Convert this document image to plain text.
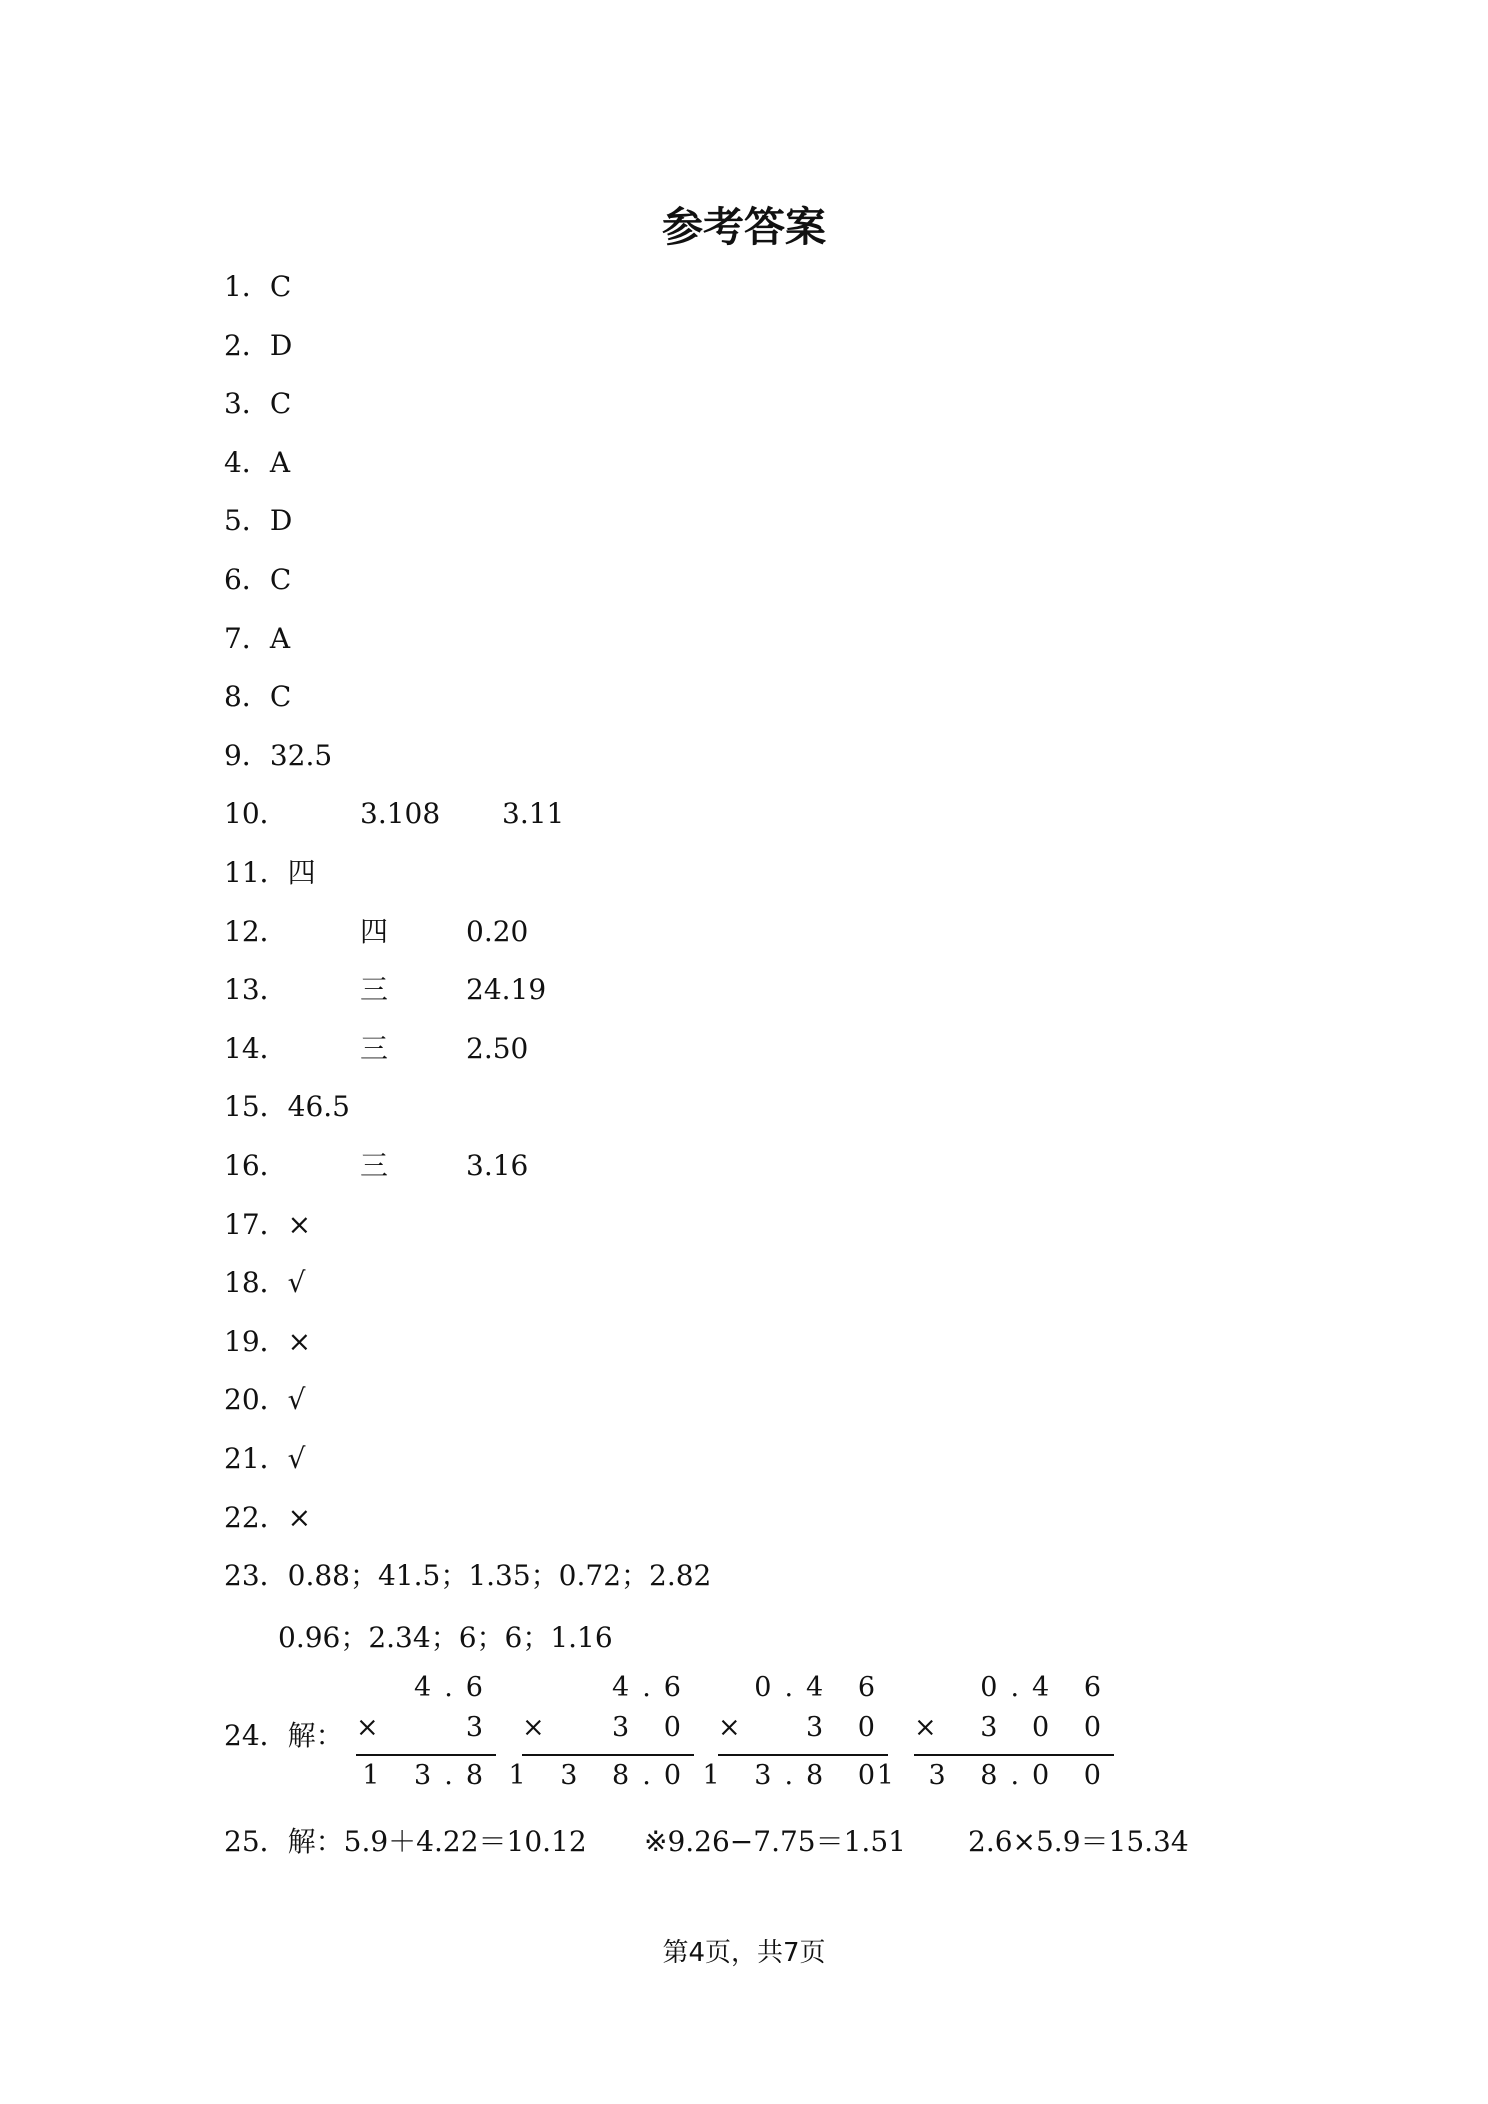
参考答案
1．C
2．D
3．C
4．A
5．D
6．C
7．A
8．C
9．32.5
10．	3.108 3.11
11．四
12．	四	0.20
13．	三	24.19
14．	三	2.50
15．46.5
16．	三	3.16
17．×
18．√
19．×
20．√
21．√
22．×
23．0.88；41.5；1.35；0.72；2.82
0.96；2.34；6；6；1.16
24．解：
4.6
×	3
1 3.8
4.6
× 3 0
1 3 8.0
0.4 6
× 3 0
1 3.8 0
0.4 6
× 3 0 0
1 3 8.0 0
25．解：5.9＋4.22＝10.12 ※9.26−7.75＝1.51 2.6×5.9＝15.34
第4页，共7页
